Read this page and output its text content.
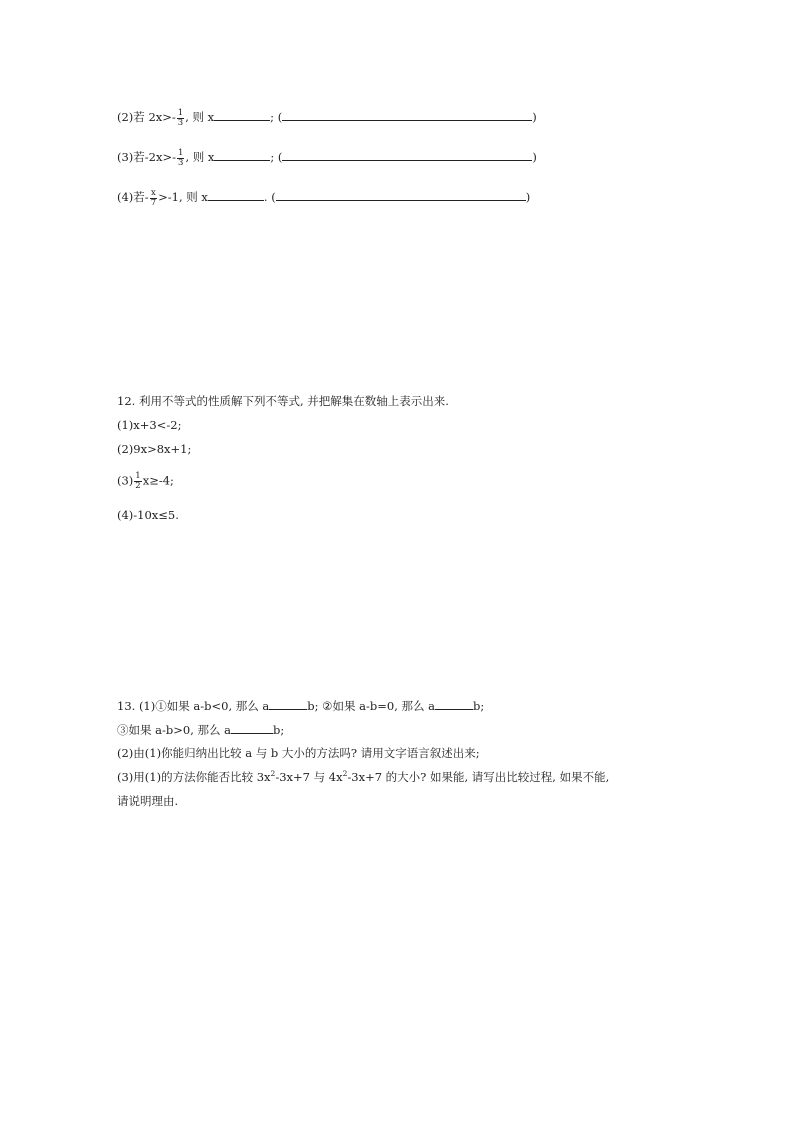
(2)若 $2x>- \frac{1}{3}$ , 则 x	; (	)
(3)若$-2x>- \frac{1}{3}$ , 则 x	; (	)
(4)若- $\frac{x}{7} >-1$, 则 x	. (	)
12. 利用不等式的性质解下列不等式, 并把解集在数轴上表示出来.
(1)x+3<-2;
(2)9x>8x+1;
$(3) \frac{1}{2} x\ge-4$;
(4)-10x≤5.
13. (1)①如果 a-b<0, 那么 a	b; ②如果 a-b=0, 那么 a	b;
③如果 a-b>0, 那么 a	b;
(2)由(1)你能归纳出比较 a 与 b 大小的方法吗? 请用文字语言叙述出来;
(3)用(1)的方法你能否比较 $3x^2-3x+7$ 与 $4x^2-3x+7$ 的大小? 如果能, 请写出比较过程, 如果不能,
请说明理由.
